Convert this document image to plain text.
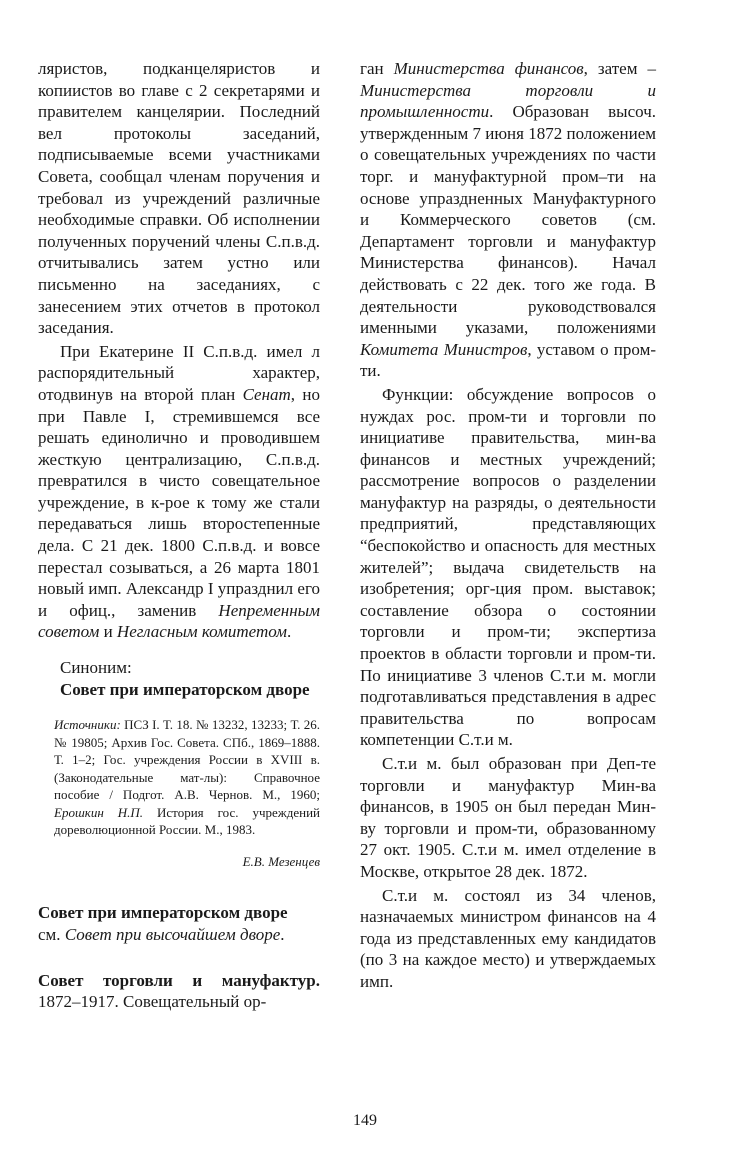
ляристов, подканцеляристов и копиистов во главе с 2 секретарями и правителем канцелярии. Последний вел протоколы заседаний, подписываемые всеми участниками Совета, сообщал членам поручения и требовал из учреждений различные необходимые справки. Об исполнении полученных поручений члены С.п.в.д. отчитывались затем устно или письменно на заседаниях, с занесением этих отчетов в протокол заседания.

При Екатерине II С.п.в.д. имел л распорядительный характер, отодвинув на второй план Сенат, но при Павле I, стремившемся все решать единолично и проводившем жесткую централизацию, С.п.в.д. превратился в чисто совещательное учреждение, в к-рое к тому же стали передаваться лишь второстепенные дела. С 21 дек. 1800 С.п.в.д. и вовсе перестал созываться, а 26 марта 1801 новый имп. Александр I упразднил его и офиц., заменив Непременным советом и Негласным комитетом.

Синоним:
Совет при императорском дворе
Источники: ПСЗ I. Т. 18. № 13232, 13233; Т. 26. № 19805; Архив Гос. Совета. СПб., 1869–1888. Т. 1–2; Гос. учреждения России в XVIII в. (Законодательные мат-лы): Справочное пособие / Подгот. А.В. Чернов. М., 1960; Ерошкин Н.П. История гос. учреждений дореволюционной России. М., 1983.
Е.В. Мезенцев
Совет при императорском дворе
см. Совет при высочайшем дворе.

Совет торговли и мануфактур. 1872–1917. Совещательный ор-

ган Министерства финансов, затем – Министерства торговли и промышленности. Образован высоч. утвержденным 7 июня 1872 положением о совещательных учреждениях по части торг. и мануфактурной пром–ти на основе упраздненных Мануфактурного и Коммерческого советов (см. Департамент торговли и мануфактур Министерства финансов). Начал действовать с 22 дек. того же года. В деятельности руководствовался именными указами, положениями Комитета Министров, уставом о пром-ти.

Функции: обсуждение вопросов о нуждах рос. пром-ти и торговли по инициативе правительства, мин-ва финансов и местных учреждений; рассмотрение вопросов о разделении мануфактур на разряды, о деятельности предприятий, представляющих “беспокойство и опасность для местных жителей”; выдача свидетельств на изобретения; орг-ция пром. выставок; составление обзора о состоянии торговли и пром-ти; экспертиза проектов в области торговли и пром-ти. По инициативе 3 членов С.т.и м. могли подготавливаться представления в адрес правительства по вопросам компетенции С.т.и м.

С.т.и м. был образован при Деп-те торговли и мануфактур Мин-ва финансов, в 1905 он был передан Мин-ву торговли и пром-ти, образованному 27 окт. 1905. С.т.и м. имел отделение в Москве, открытое 28 дек. 1872.

С.т.и м. состоял из 34 членов, назначаемых министром финансов на 4 года из представленных ему кандидатов (по 3 на каждое место) и утверждаемых имп.

149
